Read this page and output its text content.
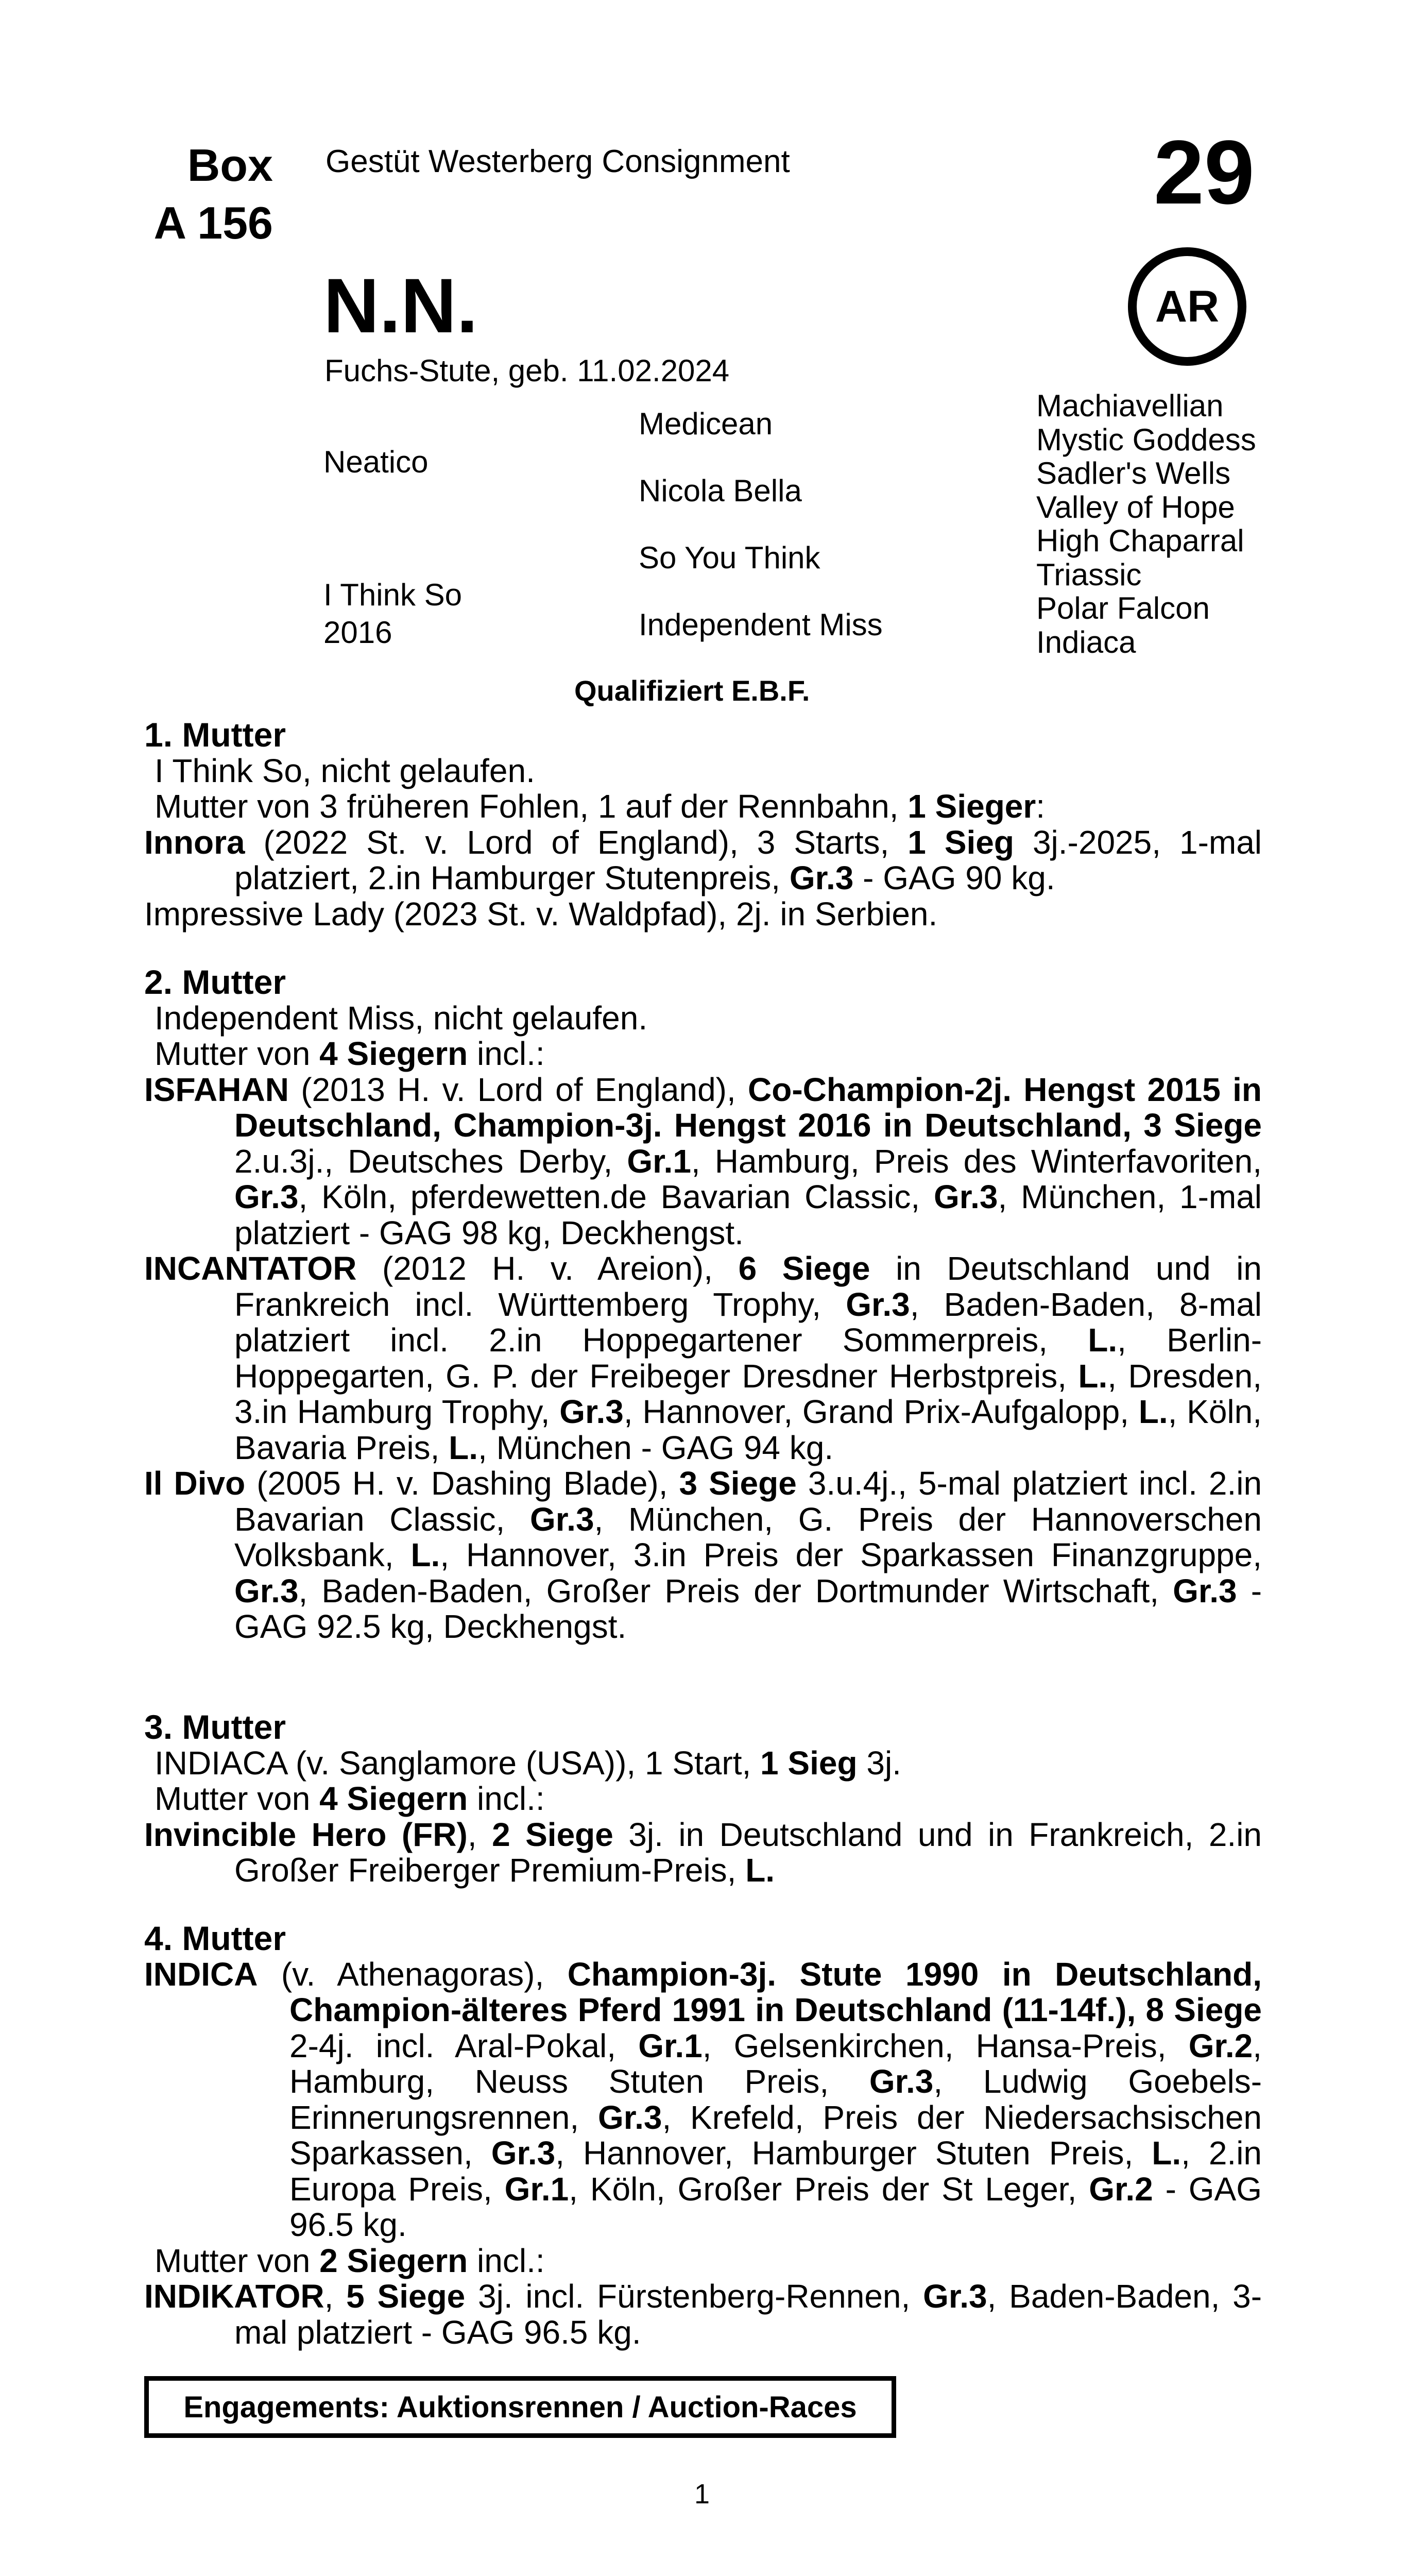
Box
A 156
Gestüt Westerberg Consignment	29
AR
N.N.
Fuchs-Stute, geb. 11.02.2024
Neatico
I Think So
2016
Medicean
Nicola Bella
So You Think
Independent Miss
Machiavellian
Mystic Goddess
Sadler's Wells
Valley of Hope
High Chaparral
Triassic
Polar Falcon
Indiaca
Qualifiziert E.B.F.

1. Mutter

I Think So, nicht gelaufen.

Mutter von 3 früheren Fohlen, 1 auf der Rennbahn, 1 Sieger:

Innora (2022 St. v. Lord of England), 3 Starts, 1 Sieg 3j.-2025, 1-mal platziert, 2.in Hamburger Stutenpreis, Gr.3 - GAG 90 kg.

Impressive Lady (2023 St. v. Waldpfad), 2j. in Serbien.

2. Mutter

Independent Miss, nicht gelaufen.

Mutter von 4 Siegern incl.:

ISFAHAN (2013 H. v. Lord of England), Co-Champion-2j. Hengst 2015 in Deutschland, Champion-3j. Hengst 2016 in Deutschland, 3 Siege 2.u.3j., Deutsches Derby, Gr.1, Hamburg, Preis des Winterfavoriten, Gr.3, Köln, pferdewetten.de Bavarian Classic, Gr.3, München, 1-mal platziert - GAG 98 kg, Deckhengst.

INCANTATOR (2012 H. v. Areion), 6 Siege in Deutschland und in Frankreich incl. Württemberg Trophy, Gr.3, Baden-Baden, 8-mal platziert incl. 2.in Hoppegartener Sommerpreis, L., Berlin-Hoppegarten, G. P. der Freibeger Dresdner Herbstpreis, L., Dresden, 3.in Hamburg Trophy, Gr.3, Hannover, Grand Prix-Aufgalopp, L., Köln, Bavaria Preis, L., München - GAG 94 kg.

Il Divo (2005 H. v. Dashing Blade), 3 Siege 3.u.4j., 5-mal platziert incl. 2.in Bavarian Classic, Gr.3, München, G. Preis der Hannoverschen Volksbank, L., Hannover, 3.in Preis der Sparkassen Finanzgruppe, Gr.3, Baden-Baden, Großer Preis der Dortmunder Wirtschaft, Gr.3 - GAG 92.5 kg, Deckhengst.

3. Mutter

INDIACA (v. Sanglamore (USA)), 1 Start, 1 Sieg 3j.

Mutter von 4 Siegern incl.:

Invincible Hero (FR), 2 Siege 3j. in Deutschland und in Frankreich, 2.in Großer Freiberger Premium-Preis, L.

4. Mutter

INDICA (v. Athenagoras), Champion-3j. Stute 1990 in Deutschland, Champion-älteres Pferd 1991 in Deutschland (11-14f.), 8 Siege 2-4j. incl. Aral-Pokal, Gr.1, Gelsenkirchen, Hansa-Preis, Gr.2, Hamburg, Neuss Stuten Preis, Gr.3, Ludwig Goebels-Erinnerungsrennen, Gr.3, Krefeld, Preis der Niedersachsischen Sparkassen, Gr.3, Hannover, Hamburger Stuten Preis, L., 2.in Europa Preis, Gr.1, Köln, Großer Preis der St Leger, Gr.2 - GAG 96.5 kg.

Mutter von 2 Siegern incl.:

INDIKATOR, 5 Siege 3j. incl. Fürstenberg-Rennen, Gr.3, Baden-Baden, 3-mal platziert - GAG 96.5 kg.

Engagements: Auktionsrennen / Auction-Races
1
